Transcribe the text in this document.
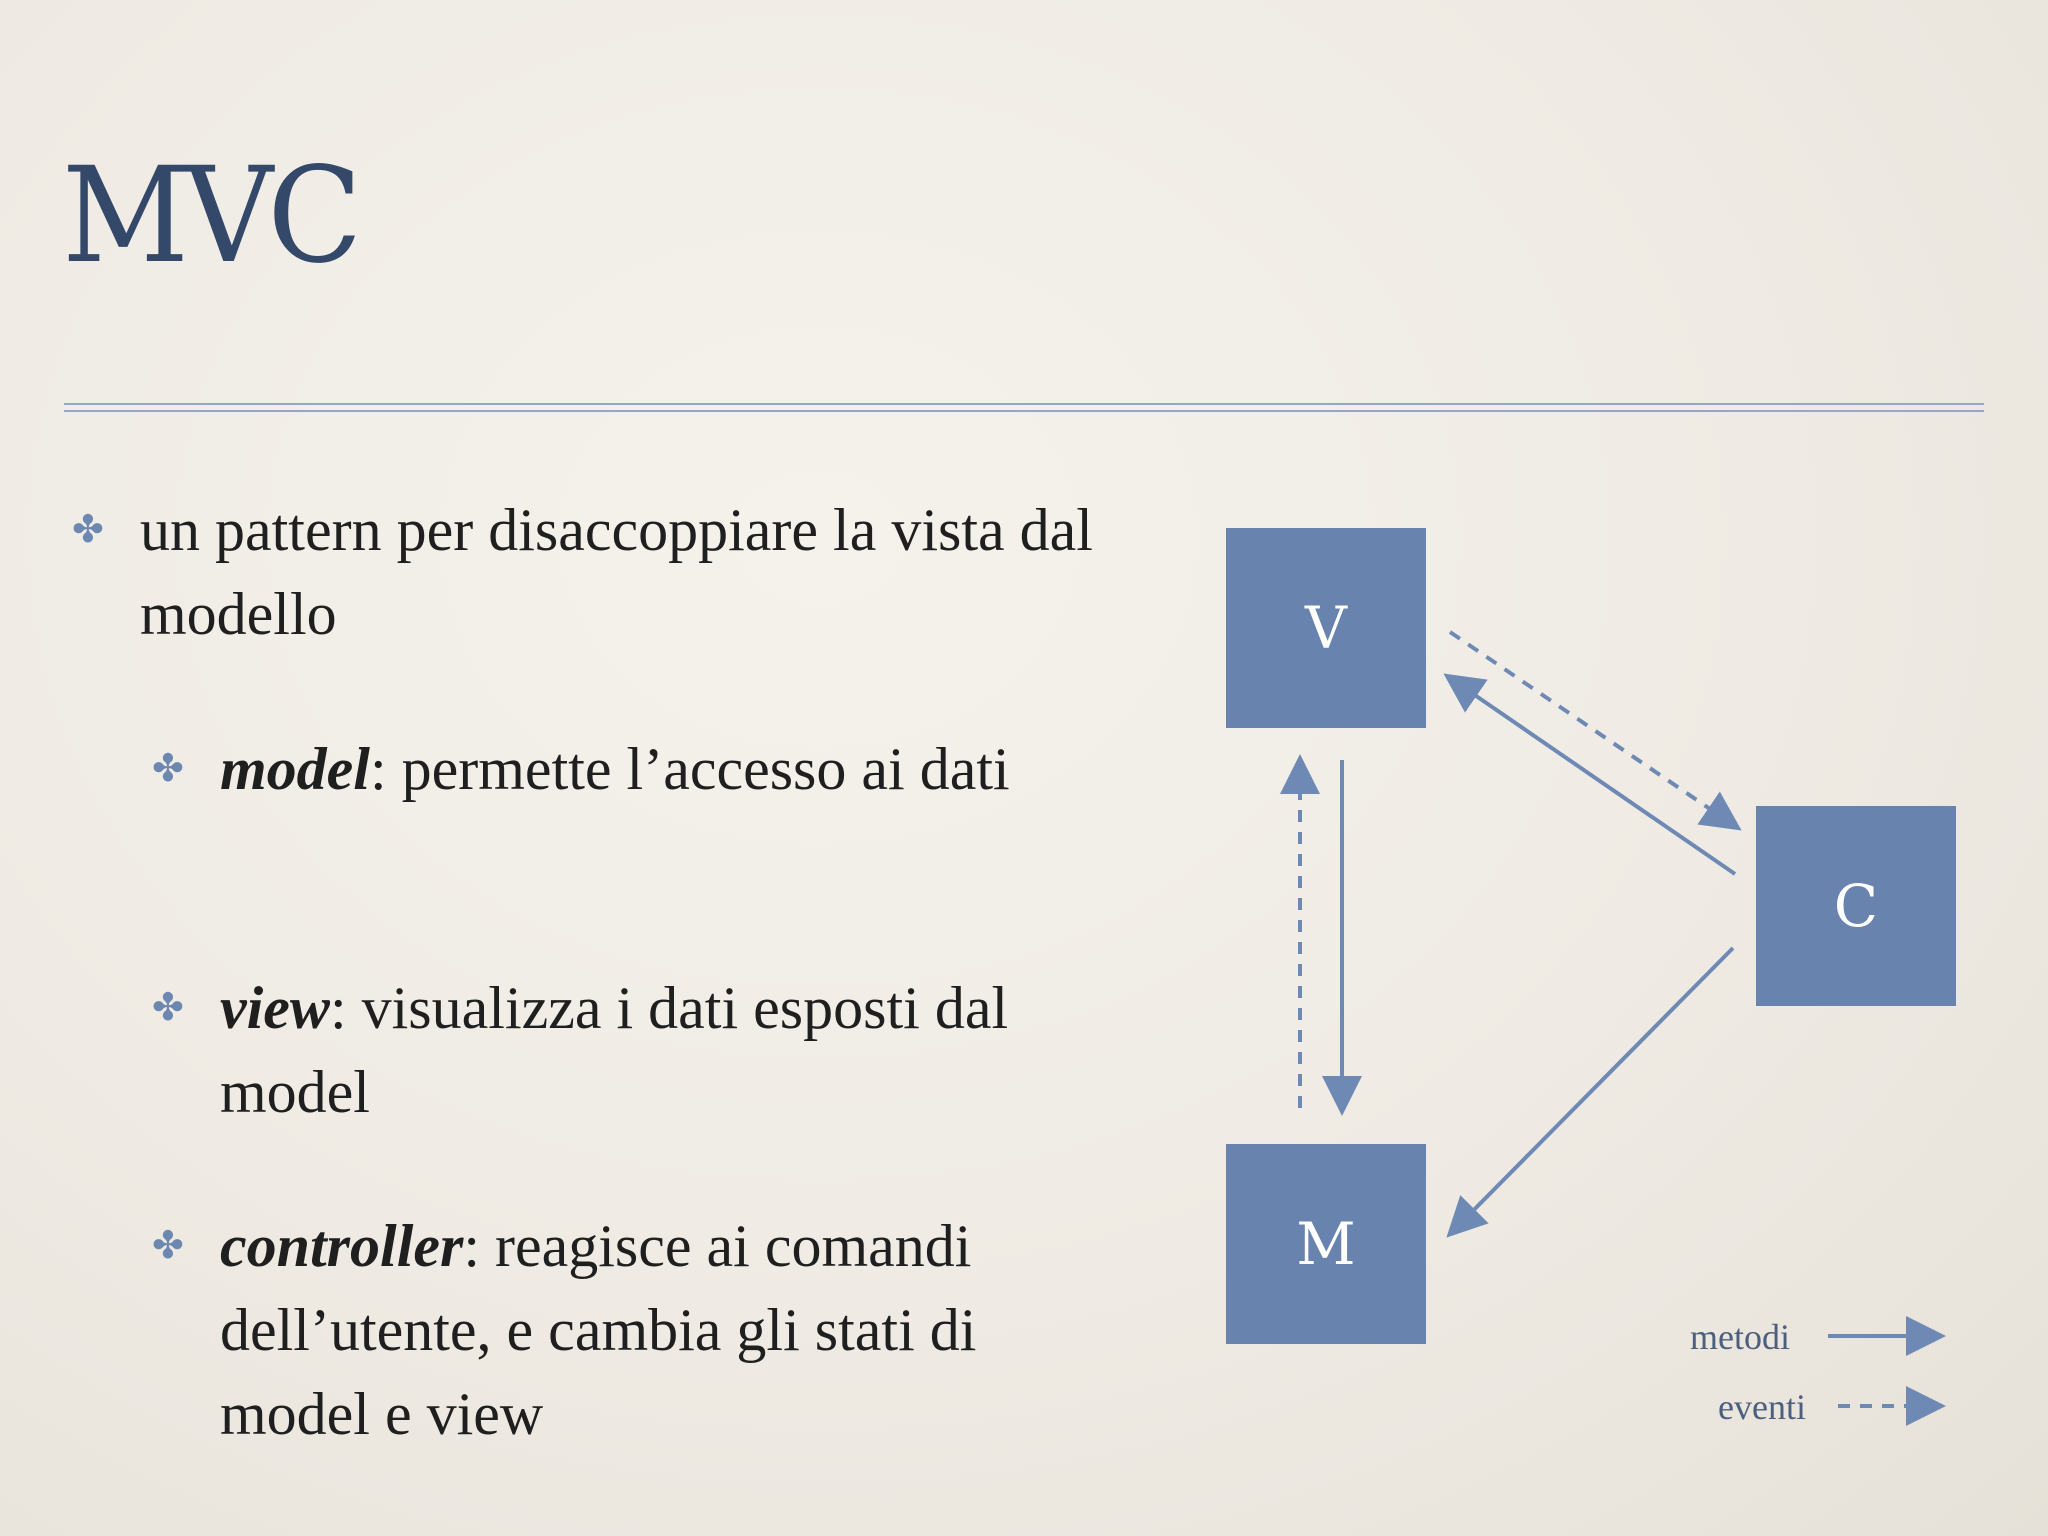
MVC
✤ un pattern per disaccoppiare la vista dal modello
✤ model: permette l’accesso ai dati
✤ view: visualizza i dati esposti dal model
✤ controller: reagisce ai comandi dell’utente, e cambia gli stati di model e view
V
C
M
metodi
eventi
